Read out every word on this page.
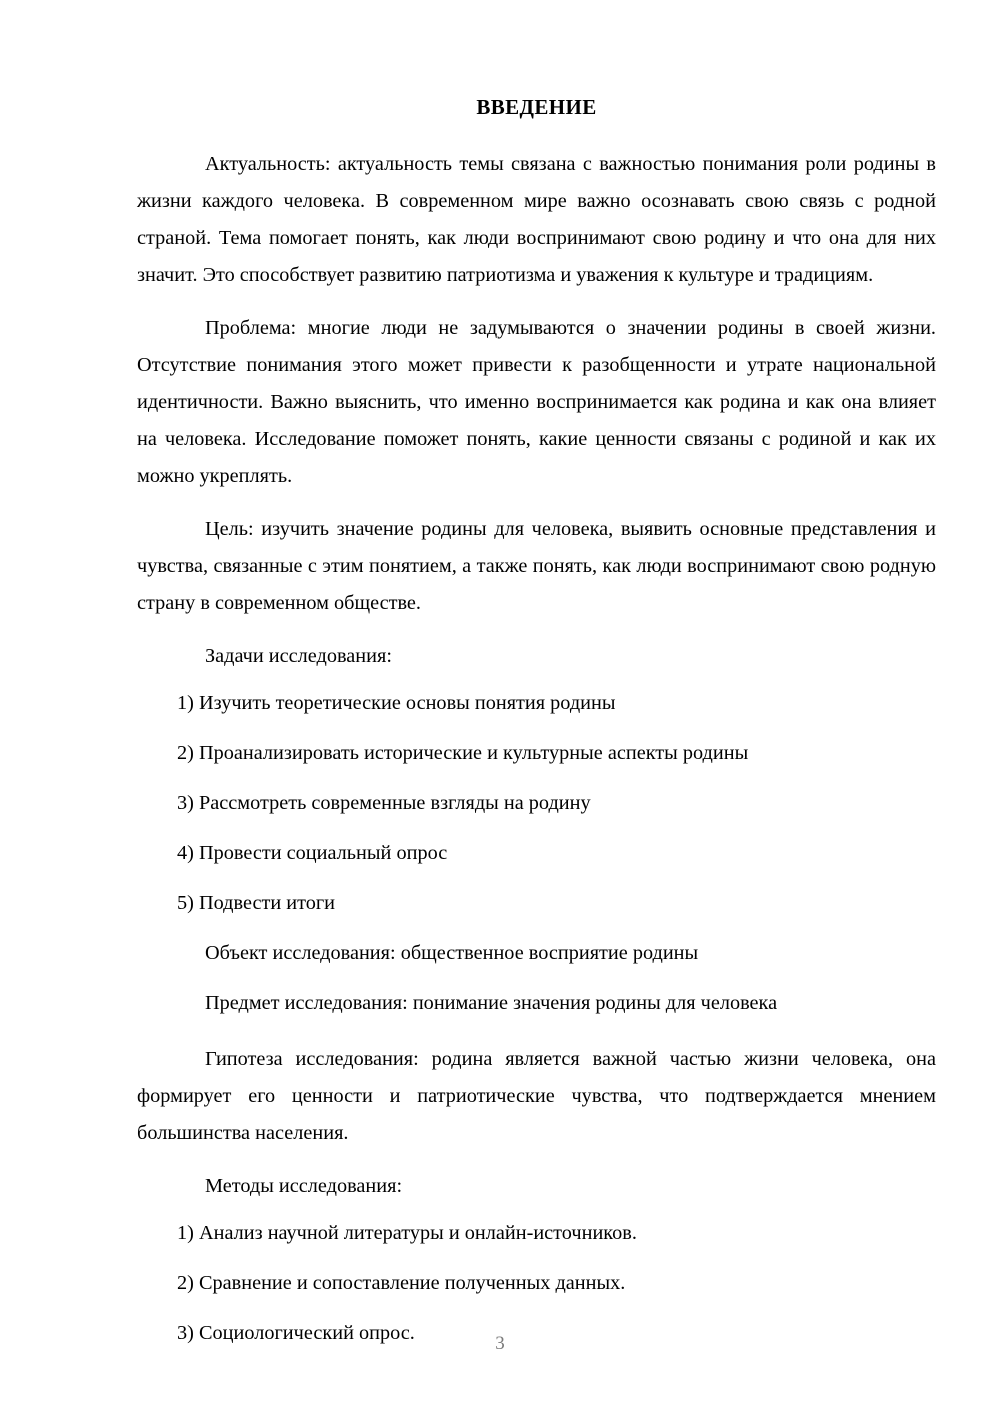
ВВЕДЕНИЕ

Актуальность: актуальность темы связана с важностью понимания роли родины в жизни каждого человека. В современном мире важно осознавать свою связь с родной страной. Тема помогает понять, как люди воспринимают свою родину и что она для них значит. Это способствует развитию патриотизма и уважения к культуре и традициям.

Проблема: многие люди не задумываются о значении родины в своей жизни. Отсутствие понимания этого может привести к разобщенности и утрате национальной идентичности. Важно выяснить, что именно воспринимается как родина и как она влияет на человека. Исследование поможет понять, какие ценности связаны с родиной и как их можно укреплять.

Цель: изучить значение родины для человека, выявить основные представления и чувства, связанные с этим понятием, а также понять, как люди воспринимают свою родную страну в современном обществе.

Задачи исследования:

1) Изучить теоретические основы понятия родины
2) Проанализировать исторические и культурные аспекты родины
3) Рассмотреть современные взгляды на родину
4) Провести социальный опрос
5) Подвести итоги

Объект исследования: общественное восприятие родины

Предмет исследования: понимание значения родины для человека

Гипотеза исследования: родина является важной частью жизни человека, она формирует его ценности и патриотические чувства, что подтверждается мнением большинства населения.

Методы исследования:

1) Анализ научной литературы и онлайн-источников.
2) Сравнение и сопоставление полученных данных.
3) Социологический опрос.	3
